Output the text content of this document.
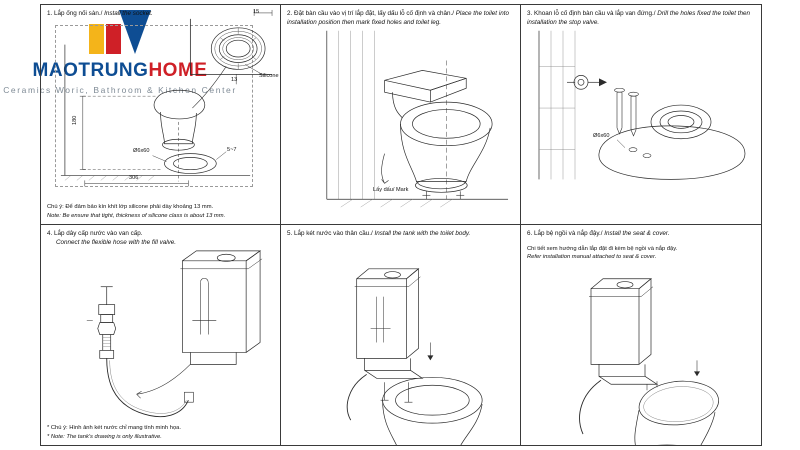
MAOTRUNGHOME
Ceramics Woric, Bathroom & Kitchen Center
1. Lắp ống nối sàn./ Install the socket.	15
13
Silicone
180
306
Ø6x60	5~7
Chú ý: Để đảm bảo kín khít lớp silicone phải dày khoảng 13 mm.
Note: Be ensure that tight, thickness of silicone class is about 13 mm.
2. Đặt bàn cầu vào vị trí lắp đặt, lấy dấu lỗ cố định và chân./ Place the toilet into installation position then mark fixed holes and toilet leg.
Lấy dấu/ Mark
3. Khoan lỗ cố định bàn cầu và lắp van đứng./ Drill the holes fixed the toilet then installation the stop valve.
Ø6x60
4. Lắp dây cấp nước vào van cấp.
Connect the flexible hose with the fill valve.
* Chú ý: Hình ảnh két nước chỉ mang tính minh họa.
* Note: The tank's drawing is only illustrative.
5. Lắp két nước vào thân cầu./ Install the tank with the toilet body.	6. Lắp bệ ngồi và nắp đậy./ Install the seat & cover.
Chi tiết xem hướng dẫn lắp đặt đi kèm bệ ngồi và nắp đậy.
Refer installation manual attached to seat & cover.
